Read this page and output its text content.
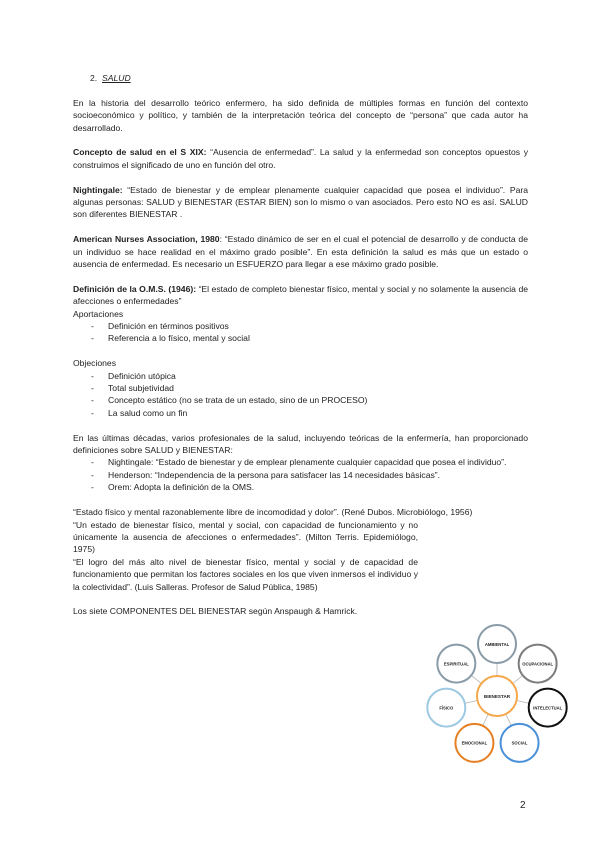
2. SALUD

En la historia del desarrollo teórico enfermero, ha sido definida de múltiples formas en función del contexto socioeconómico y político, y también de la interpretación teórica del concepto de “persona” que cada autor ha desarrollado.

Concepto de salud en el S XIX: “Ausencia de enfermedad”. La salud y la enfermedad son conceptos opuestos y construimos el significado de uno en función del otro.

Nightingale: “Estado de bienestar y de emplear plenamente cualquier capacidad que posea el individuo”. Para algunas personas: SALUD y BIENESTAR (ESTAR BIEN) son lo mismo o van asociados. Pero esto NO es así. SALUD son diferentes BIENESTAR .

American Nurses Association, 1980: “Estado dinámico de ser en el cual el potencial de desarrollo y de conducta de un individuo se hace realidad en el máximo grado posible”. En esta definición la salud es más que un estado o ausencia de enfermedad. Es necesario un ESFUERZO para llegar a ese máximo grado posible.

Definición de la O.M.S. (1946): “El estado de completo bienestar físico, mental y social y no solamente la ausencia de afecciones o enfermedades”

Aportaciones

- Definición en términos positivos
- Referencia a lo físico, mental y social

Objeciones

- Definición utópica
- Total subjetividad
- Concepto estático (no se trata de un estado, sino de un PROCESO)
- La salud como un fin

En las últimas décadas, varios profesionales de la salud, incluyendo teóricas de la enfermería, han proporcionado definiciones sobre SALUD y BIENESTAR:

- Nightingale: “Estado de bienestar y de emplear plenamente cualquier capacidad que posea el individuo”.
- Henderson: “Independencia de la persona para satisfacer las 14 necesidades básicas”.
- Orem: Adopta la definición de la OMS.

“Estado físico y mental razonablemente libre de incomodidad y dolor”. (René Dubos. Microbiólogo, 1956)

“Un estado de bienestar físico, mental y social, con capacidad de funcionamiento y no únicamente la ausencia de afecciones o enfermedades”. (Milton Terris. Epidemiólogo, 1975)

“El logro del más alto nivel de bienestar físico, mental y social y de capacidad de funcionamiento que permitan los factores sociales en los que viven inmersos el individuo y la colectividad”. (Luis Salleras. Profesor de Salud Pública, 1985)

Los siete COMPONENTES DEL BIENESTAR según Anspaugh & Hamrick.

AMBIENTAL
OCUPACIONAL
INTELECTUAL
SOCIAL
EMOCIONAL
FÍSICO
ESPIRITUAL
BIENESTAR
2
